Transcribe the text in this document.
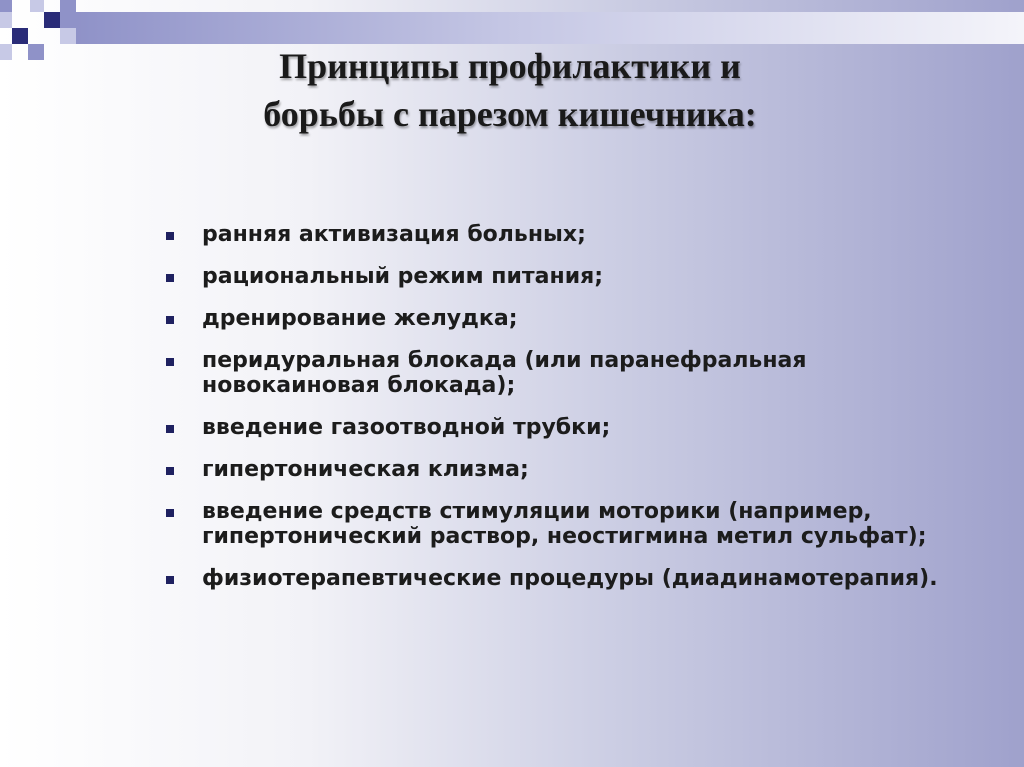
Принципы профилактики и
борьбы с парезом кишечника:
ранняя активизация больных;
рациональный режим питания;
дренирование желудка;
перидуральная блокада (или паранефральная новокаиновая блокада);
введение газоотводной трубки;
гипертоническая клизма;
введение средств стимуляции моторики (например, гипертонический раствор, неостигмина метил сульфат);
физиотерапевтические процедуры (диадинамотерапия).
